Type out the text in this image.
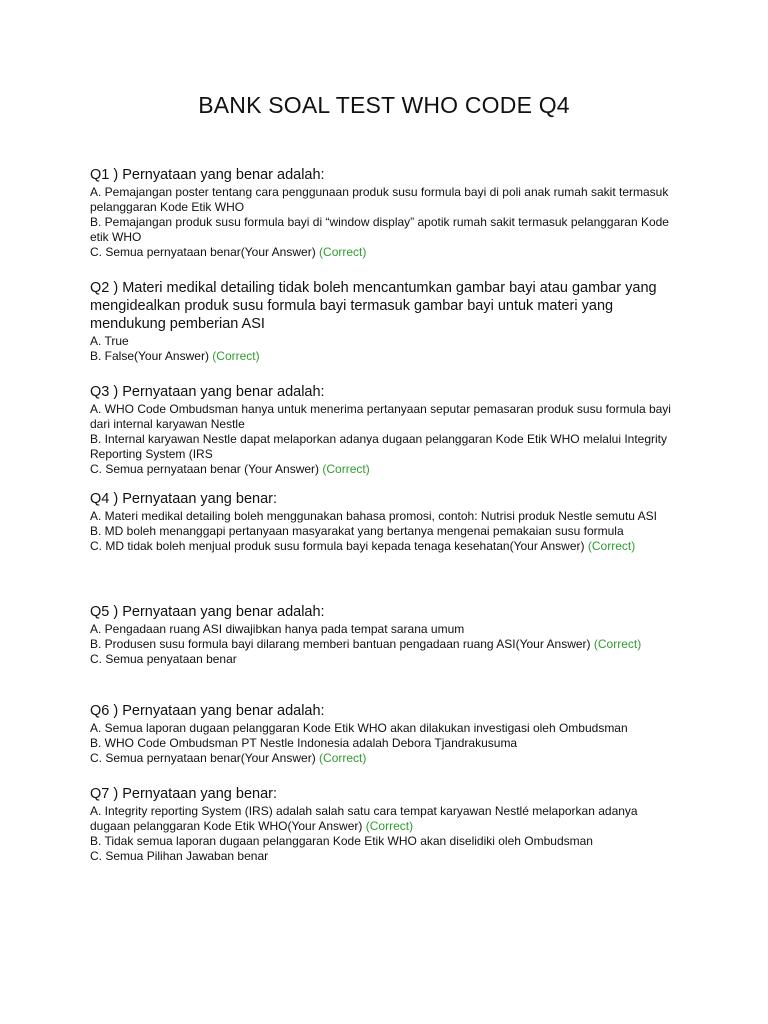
BANK SOAL TEST WHO CODE Q4
Q1 ) Pernyataan yang benar adalah:
A. Pemajangan poster tentang cara penggunaan produk susu formula bayi di poli anak rumah sakit termasuk pelanggaran Kode Etik WHO
B. Pemajangan produk susu formula bayi di “window display” apotik rumah sakit termasuk pelanggaran Kode etik WHO
C. Semua pernyataan benar(Your Answer) (Correct)
Q2 ) Materi medikal detailing tidak boleh mencantumkan gambar bayi atau gambar yang mengidealkan produk susu formula bayi termasuk gambar bayi untuk materi yang mendukung pemberian ASI
A. True
B. False(Your Answer) (Correct)
Q3 ) Pernyataan yang benar adalah:
A. WHO Code Ombudsman hanya untuk menerima pertanyaan seputar pemasaran produk susu formula bayi dari internal karyawan Nestle
B. Internal karyawan Nestle dapat melaporkan adanya dugaan pelanggaran Kode Etik WHO melalui Integrity Reporting System (IRS
C. Semua pernyataan benar (Your Answer) (Correct)
Q4 ) Pernyataan yang benar:
A. Materi medikal detailing boleh menggunakan bahasa promosi, contoh: Nutrisi produk Nestle semutu ASI
B. MD boleh menanggapi pertanyaan masyarakat yang bertanya mengenai pemakaian susu formula
C. MD tidak boleh menjual produk susu formula bayi kepada tenaga kesehatan(Your Answer) (Correct)
Q5 ) Pernyataan yang benar adalah:
A. Pengadaan ruang ASI diwajibkan hanya pada tempat sarana umum
B. Produsen susu formula bayi dilarang memberi bantuan pengadaan ruang ASI(Your Answer) (Correct)
C. Semua penyataan benar
Q6 ) Pernyataan yang benar adalah:
A. Semua laporan dugaan pelanggaran Kode Etik WHO akan dilakukan investigasi oleh Ombudsman
B. WHO Code Ombudsman PT Nestle Indonesia adalah Debora Tjandrakusuma
C. Semua pernyataan benar(Your Answer) (Correct)
Q7 ) Pernyataan yang benar:
A. Integrity reporting System (IRS) adalah salah satu cara tempat karyawan Nestlé melaporkan adanya dugaan pelanggaran Kode Etik WHO(Your Answer) (Correct)
B. Tidak semua laporan dugaan pelanggaran Kode Etik WHO akan diselidiki oleh Ombudsman
C. Semua Pilihan Jawaban benar
